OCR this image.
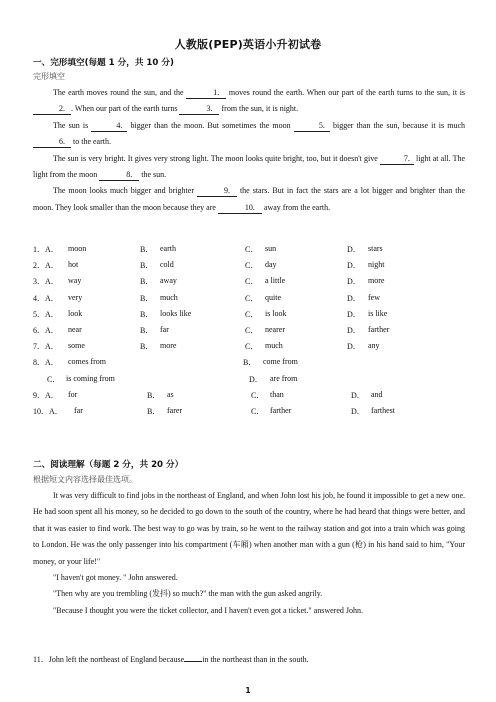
人教版(PEP)英语小升初试卷
一、完形填空(每题 1 分，共 10 分)
完形填空

The earth moves round the sun, and the	1. moves round the earth. When our part of the earth turns to the sun, it is 2. . When our part of the earth turns	3. from the sun, it is night.

The sun is	4. bigger than the moon. But sometimes the moon	5. bigger than the sun, because it is much 6. to the earth.

The sun is very bright. It gives very strong light. The moon looks quite bright, too, but it doesn't give	7. light at all. The light from the moon	8. the sun.

The moon looks much bigger and brighter	9. the stars. But in fact the stars are a lot bigger and brighter than the moon. They look smaller than the moon because they are	10. away from the earth.

1．A． moon	B． earth	C． sun	D． stars
2．A． hot	B． cold	C． day	D． night
3．A． way	B． away	C． a little	D． more
4．A． very	B． much	C． quite	D． few
5．A． look	B． looks like	C． is look	D． is like
6．A． near	B． far	C． nearer	D． farther
7．A． some	B． more	C． much	D． any
8．A． comes from	B． come from
C． is coming from	D． are from
9．A． for	B． as	C． than	D． and
10．A． far	B． farer	C． farther	D． farthest
二、阅读理解（每题 2 分，共 20 分）
根据短文内容选择最佳选项。

It was very difficult to find jobs in the northeast of England, and when John lost his job, he found it impossible to get a new one. He had soon spent all his money, so he decided to go down to the south of the country, where he had heard that things were better, and that it was easier to find work. The best way to go was by train, so he went to the railway station and got into a train which was going to London. He was the only passenger into his compartment (车厢) when another man with a gun (枪) in his hand said to him, "Your money, or your life!"

"I haven't got money. " John answered.

"Then why are you trembling (发抖) so much?" the man with the gun asked angrily.

"Because I thought you were the ticket collector, and I haven't even got a ticket." answered John.

11．John left the northeast of England because in the northeast than in the south.
1
